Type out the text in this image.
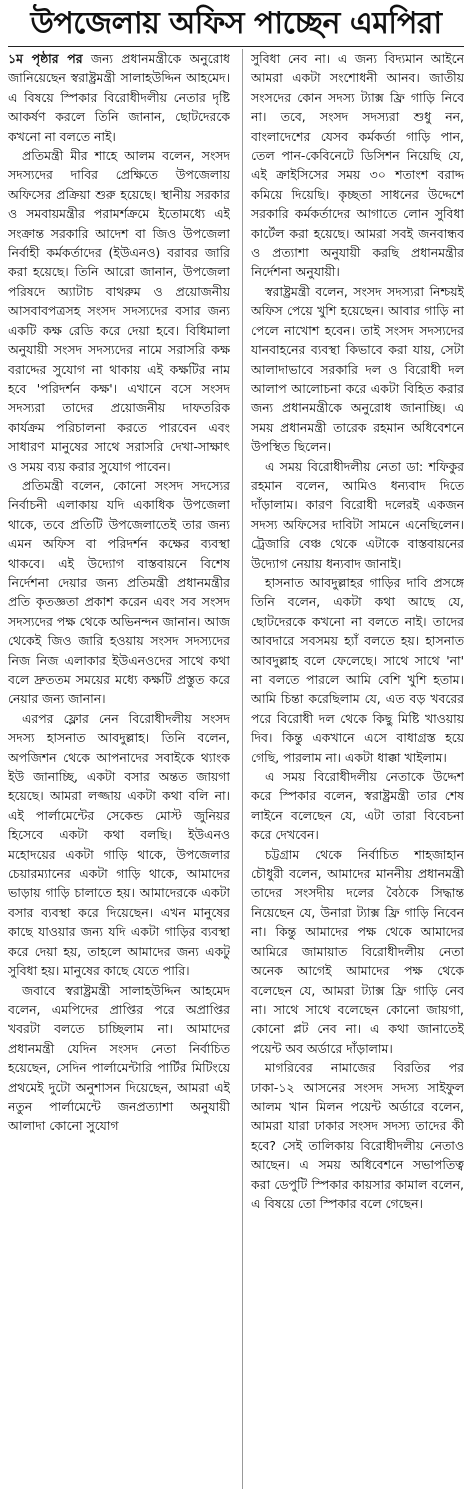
উপজেলায় অফিস পাচ্ছেন এমপিরা

১ম পৃষ্ঠার পর জন্য প্রধানমন্ত্রীকে অনুরোধ জানিয়েছেন স্বরাষ্ট্রমন্ত্রী সালাহউদ্দিন আহমেদ। এ বিষয়ে স্পিকার বিরোধীদলীয় নেতার দৃষ্টি আকর্ষণ করলে তিনি জানান, ছোটদেরকে কখনো না বলতে নাই।

প্রতিমন্ত্রী মীর শাহে আলম বলেন, সংসদ সদস্যদের দাবির প্রেক্ষিতে উপজেলায় অফিসের প্রক্রিয়া শুরু হয়েছে। স্থানীয় সরকার ও সমবায়মন্ত্রীর পরামর্শক্রমে ইতোমধ্যে এই সংক্রান্ত সরকারি আদেশ বা জিও উপজেলা নির্বাহী কর্মকর্তাদের (ইউএনও) বরাবর জারি করা হয়েছে। তিনি আরো জানান, উপজেলা পরিষদে অ্যাটাচ বাথরুম ও প্রয়োজনীয় আসবাবপত্রসহ সংসদ সদস্যদের বসার জন্য একটি কক্ষ রেডি করে দেয়া হবে। বিধিমালা অনুযায়ী সংসদ সদস্যদের নামে সরাসরি কক্ষ বরাদ্দের সুযোগ না থাকায় এই কক্ষটির নাম হবে 'পরিদর্শন কক্ষ'। এখানে বসে সংসদ সদস্যরা তাদের প্রয়োজনীয় দাফতরিক কার্যক্রম পরিচালনা করতে পারবেন এবং সাধারণ মানুষের সাথে সরাসরি দেখা-সাক্ষাৎ ও সময় ব্যয় করার সুযোগ পাবেন।

প্রতিমন্ত্রী বলেন, কোনো সংসদ সদস্যের নির্বাচনী এলাকায় যদি একাধিক উপজেলা থাকে, তবে প্রতিটি উপজেলাতেই তার জন্য এমন অফিস বা পরিদর্শন কক্ষের ব্যবস্থা থাকবে। এই উদ্যোগ বাস্তবায়নে বিশেষ নির্দেশনা দেয়ার জন্য প্রতিমন্ত্রী প্রধানমন্ত্রীর প্রতি কৃতজ্ঞতা প্রকাশ করেন এবং সব সংসদ সদস্যদের পক্ষ থেকে অভিনন্দন জানান। আজ থেকেই জিও জারি হওয়ায় সংসদ সদস্যদের নিজ নিজ এলাকার ইউএনওদের সাথে কথা বলে দ্রুততম সময়ের মধ্যে কক্ষটি প্রস্তুত করে নেয়ার জন্য জানান।

এরপর ফ্লোর নেন বিরোধীদলীয় সংসদ সদস্য হাসনাত আবদুল্লাহ। তিনি বলেন, অপজিশন থেকে আপনাদের সবাইকে থ্যাংক ইউ জানাচ্ছি, একটা বসার অন্তত জায়গা হয়েছে। আমরা লজ্জায় একটা কথা বলি না। এই পার্লামেন্টের সেকেন্ড মোস্ট জুনিয়র হিসেবে একটা কথা বলছি। ইউএনও মহোদয়ের একটা গাড়ি থাকে, উপজেলার চেয়ারম্যানের একটা গাড়ি থাকে, আমাদের ভাড়ায় গাড়ি চালাতে হয়। আমাদেরকে একটা বসার ব্যবস্থা করে দিয়েছেন। এখন মানুষের কাছে যাওয়ার জন্য যদি একটা গাড়ির ব্যবস্থা করে দেয়া হয়, তাহলে আমাদের জন্য একটু সুবিধা হয়। মানুষের কাছে যেতে পারি।

জবাবে স্বরাষ্ট্রমন্ত্রী সালাহউদ্দিন আহমেদ বলেন, এমপিদের প্রাপ্তির পরে অপ্রাপ্তির খবরটা বলতে চাচ্ছিলাম না। আমাদের প্রধানমন্ত্রী যেদিন সংসদ নেতা নির্বাচিত হয়েছেন, সেদিন পার্লামেন্টারি পার্টির মিটিংয়ে প্রথমেই দুটো অনুশাসন দিয়েছেন, আমরা এই নতুন পার্লামেন্টে জনপ্রত্যাশা অনুযায়ী আলাদা কোনো সুযোগ

সুবিধা নেব না। এ জন্য বিদ্যমান আইনে আমরা একটা সংশোধনী আনব। জাতীয় সংসদের কোন সদস্য ট্যাক্স ফ্রি গাড়ি নিবে না। তবে, সংসদ সদস্যরা শুধু নন, বাংলাদেশের যেসব কর্মকর্তা গাড়ি পান, তেল পান-কেবিনেটে ডিসিশন নিয়েছি যে, এই ক্রাইসিসের সময় ৩০ শতাংশ বরাদ্দ কমিয়ে দিয়েছি। কৃচ্ছতা সাধনের উদ্দেশে সরকারি কর্মকর্তাদের আগাতে লোন সুবিধা কার্টেল করা হয়েছে। আমরা সবই জনবান্ধব ও প্রত্যাশা অনুযায়ী করছি প্রধানমন্ত্রীর নির্দেশনা অনুযায়ী।

স্বরাষ্ট্রমন্ত্রী বলেন, সংসদ সদস্যরা নিশ্চয়ই অফিস পেয়ে খুশি হয়েছেন। আবার গাড়ি না পেলে নাখোশ হবেন। তাই সংসদ সদস্যদের যানবাহনের ব্যবস্থা কিভাবে করা যায়, সেটা আলাদাভাবে সরকারি দল ও বিরোধী দল আলাপ আলোচনা করে একটা বিহিত করার জন্য প্রধানমন্ত্রীকে অনুরোধ জানাচ্ছি। এ সময় প্রধানমন্ত্রী তারেক রহমান অধিবেশনে উপস্থিত ছিলেন।

এ সময় বিরোধীদলীয় নেতা ডা: শফিকুর রহমান বলেন, আমিও ধন্যবাদ দিতে দাঁড়ালাম। কারণ বিরোধী দলেরই একজন সদস্য অফিসের দাবিটা সামনে এনেছিলেন। ট্রেজারি বেঞ্চ থেকে এটাকে বাস্তবায়নের উদ্যোগ নেয়ায় ধন্যবাদ জানাই।

হাসনাত আবদুল্লাহর গাড়ির দাবি প্রসঙ্গে তিনি বলেন, একটা কথা আছে যে, ছোটদেরকে কখনো না বলতে নাই। তাদের আবদারে সবসময় হ্যাঁ বলতে হয়। হাসনাত আবদুল্লাহ বলে ফেলেছে। সাথে সাথে 'না' না বলতে পারলে আমি বেশি খুশি হতাম। আমি চিন্তা করেছিলাম যে, এত বড় খবরের পরে বিরোধী দল থেকে কিছু মিষ্টি খাওয়ায় দিব। কিন্তু একখানে এসে বাধাগ্রস্ত হয়ে গেছি, পারলাম না। একটা ধাক্কা খাইলাম।

এ সময় বিরোধীদলীয় নেতাকে উদ্দেশ করে স্পিকার বলেন, স্বরাষ্ট্রমন্ত্রী তার শেষ লাইনে বলেছেন যে, এটা তারা বিবেচনা করে দেখবেন।

চট্টগ্রাম থেকে নির্বাচিত শাহজাহান চৌধুরী বলেন, আমাদের মাননীয় প্রধানমন্ত্রী তাদের সংসদীয় দলের বৈঠকে সিদ্ধান্ত নিয়েছেন যে, উনারা ট্যাক্স ফ্রি গাড়ি নিবেন না। কিন্তু আমাদের পক্ষ থেকে আমাদের আমিরে জামায়াত বিরোধীদলীয় নেতা অনেক আগেই আমাদের পক্ষ থেকে বলেছেন যে, আমরা ট্যাক্স ফ্রি গাড়ি নেব না। সাথে সাথে বলেছেন কোনো জায়গা, কোনো প্লট নেব না। এ কথা জানাতেই পয়েন্ট অব অর্ডারে দাঁড়ালাম।

মাগরিবের নামাজের বিরতির পর ঢাকা-১২ আসনের সংসদ সদস্য সাইফুল আলম খান মিলন পয়েন্ট অর্ডারে বলেন, আমরা যারা ঢাকার সংসদ সদস্য তাদের কী হবে? সেই তালিকায় বিরোধীদলীয় নেতাও আছেন। এ সময় অধিবেশনে সভাপতিত্ব করা ডেপুটি স্পিকার কায়সার কামাল বলেন, এ বিষয়ে তো স্পিকার বলে গেছেন।
